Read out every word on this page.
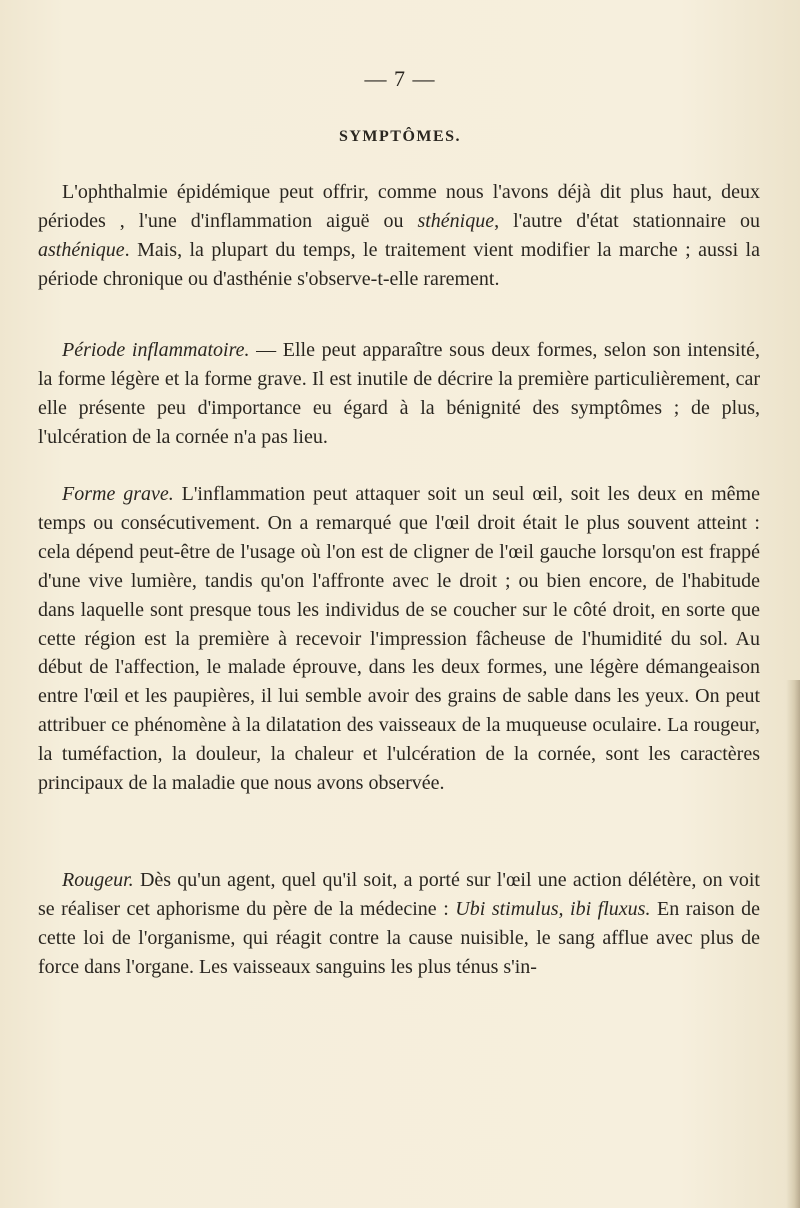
— 7 —
SYMPTÔMES.

L'ophthalmie épidémique peut offrir, comme nous l'avons déjà dit plus haut, deux périodes , l'une d'inflammation aiguë ou sthénique, l'autre d'état stationnaire ou asthénique. Mais, la plupart du temps, le traitement vient modifier la marche ; aussi la période chronique ou d'asthénie s'observe-t-elle rarement.

Période inflammatoire. — Elle peut apparaître sous deux formes, selon son intensité, la forme légère et la forme grave. Il est inutile de décrire la première particulièrement, car elle présente peu d'importance eu égard à la bénignité des symptômes ; de plus, l'ulcération de la cornée n'a pas lieu.

Forme grave. L'inflammation peut attaquer soit un seul œil, soit les deux en même temps ou consécutivement. On a remarqué que l'œil droit était le plus souvent atteint : cela dépend peut-être de l'usage où l'on est de cligner de l'œil gauche lorsqu'on est frappé d'une vive lumière, tandis qu'on l'affronte avec le droit ; ou bien encore, de l'habitude dans laquelle sont presque tous les individus de se coucher sur le côté droit, en sorte que cette région est la première à recevoir l'impression fâcheuse de l'humidité du sol. Au début de l'affection, le malade éprouve, dans les deux formes, une légère démangeaison entre l'œil et les paupières, il lui semble avoir des grains de sable dans les yeux. On peut attribuer ce phénomène à la dilatation des vaisseaux de la muqueuse oculaire. La rougeur, la tuméfaction, la douleur, la chaleur et l'ulcération de la cornée, sont les caractères principaux de la maladie que nous avons observée.

Rougeur. Dès qu'un agent, quel qu'il soit, a porté sur l'œil une action délétère, on voit se réaliser cet aphorisme du père de la médecine : Ubi stimulus, ibi fluxus. En raison de cette loi de l'organisme, qui réagit contre la cause nuisible, le sang afflue avec plus de force dans l'organe. Les vaisseaux sanguins les plus ténus s'in-
